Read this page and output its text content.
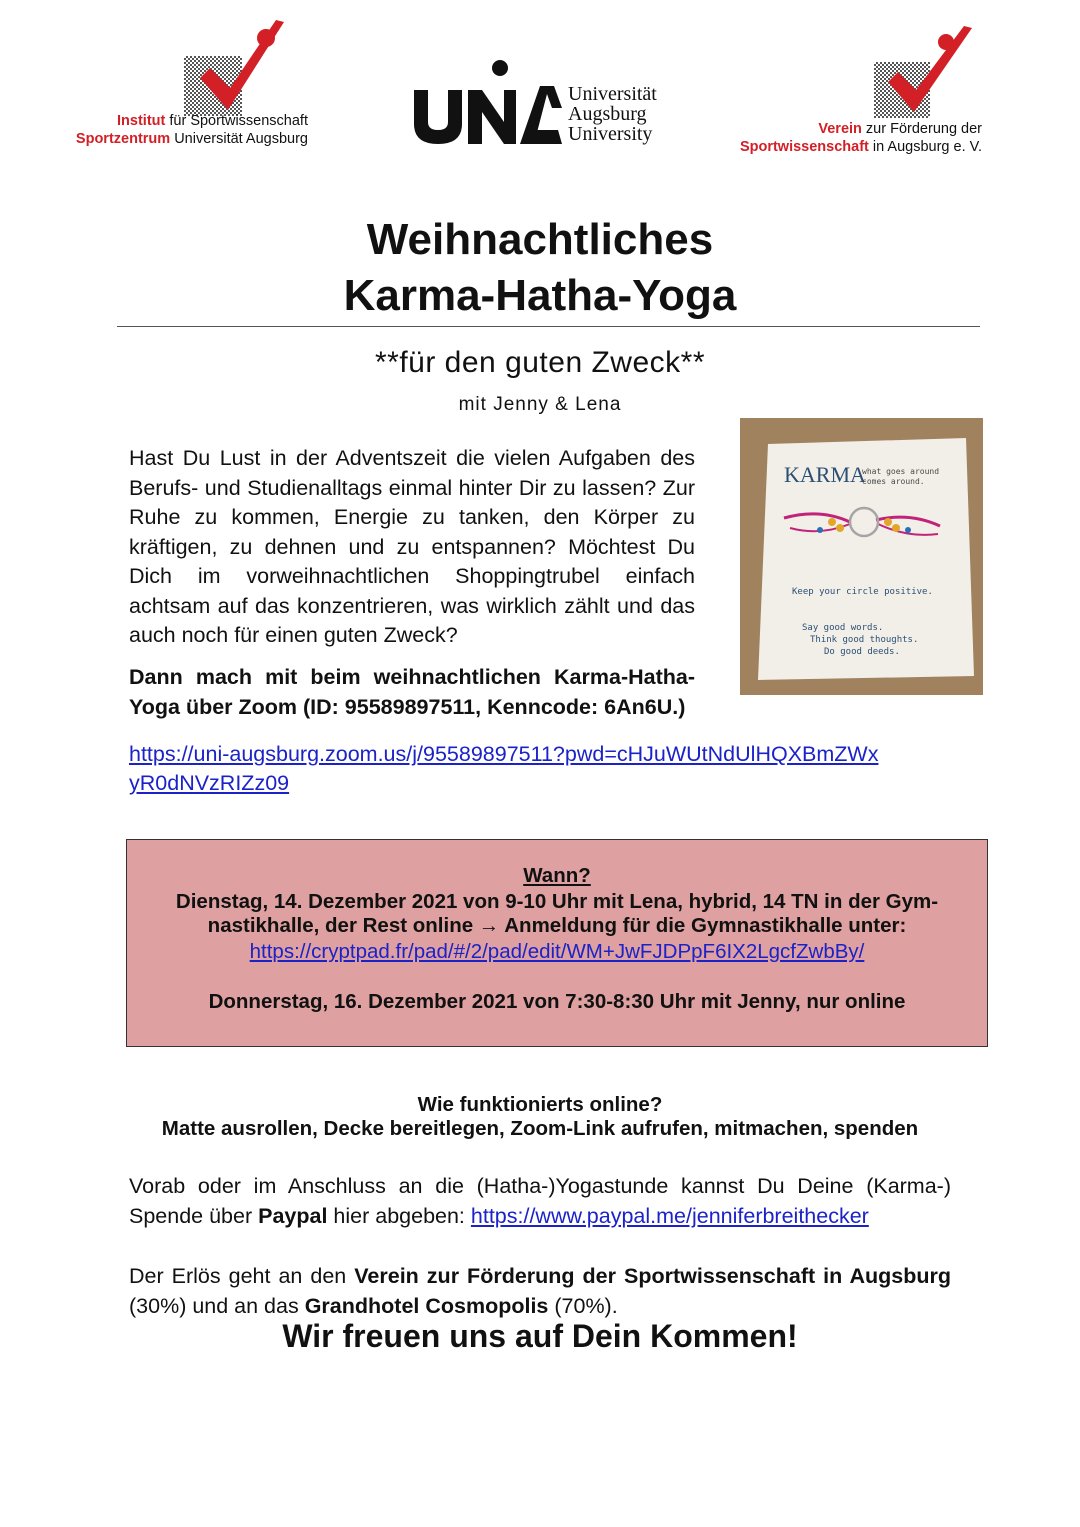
Institut für Sportwissenschaft
Sportzentrum Universität Augsburg
Universität
Augsburg
University	Verein zur Förderung der
Sportwissenschaft in Augsburg e. V.
Weihnachtliches
Karma-Hatha-Yoga
**für den guten Zweck**
mit Jenny & Lena
Hast Du Lust in der Adventszeit die vielen Aufgaben des Berufs- und Studienalltags einmal hinter Dir zu lassen? Zur Ruhe zu kommen, Energie zu tanken, den Körper zu kräftigen, zu dehnen und zu entspannen? Möchtest Du Dich im vorweihnachtlichen Shoppingtrubel einfach achtsam auf das konzentrieren, was wirklich zählt und das auch noch für einen guten Zweck?
Dann mach mit beim weihnachtlichen Karma-Hatha-Yoga über Zoom (ID: 95589897511, Kenncode: 6An6U.)
https://uni-augsburg.zoom.us/j/95589897511?pwd=cHJuWUtNdUlHQXBmZWxyR0dNVzRIZz09
KARMA
what goes around
comes around.
Keep your circle positive.
Say good words.
Think good thoughts.
Do good deeds.
Wann?
Dienstag, 14. Dezember 2021 von 9-10 Uhr mit Lena, hybrid, 14 TN in der Gym-
nastikhalle, der Rest online → Anmeldung für die Gymnastikhalle unter:
https://cryptpad.fr/pad/#/2/pad/edit/WM+JwFJDPpF6IX2LgcfZwbBy/
Donnerstag, 16. Dezember 2021 von 7:30-8:30 Uhr mit Jenny, nur online
Wie funktionierts online?
Matte ausrollen, Decke bereitlegen, Zoom-Link aufrufen, mitmachen, spenden
Vorab oder im Anschluss an die (Hatha-)Yogastunde kannst Du Deine (Karma-) Spende über Paypal hier abgeben: https://www.paypal.me/jenniferbreithecker
Der Erlös geht an den Verein zur Förderung der Sportwissenschaft in Augsburg (30%) und an das Grandhotel Cosmopolis (70%).
Wir freuen uns auf Dein Kommen!
